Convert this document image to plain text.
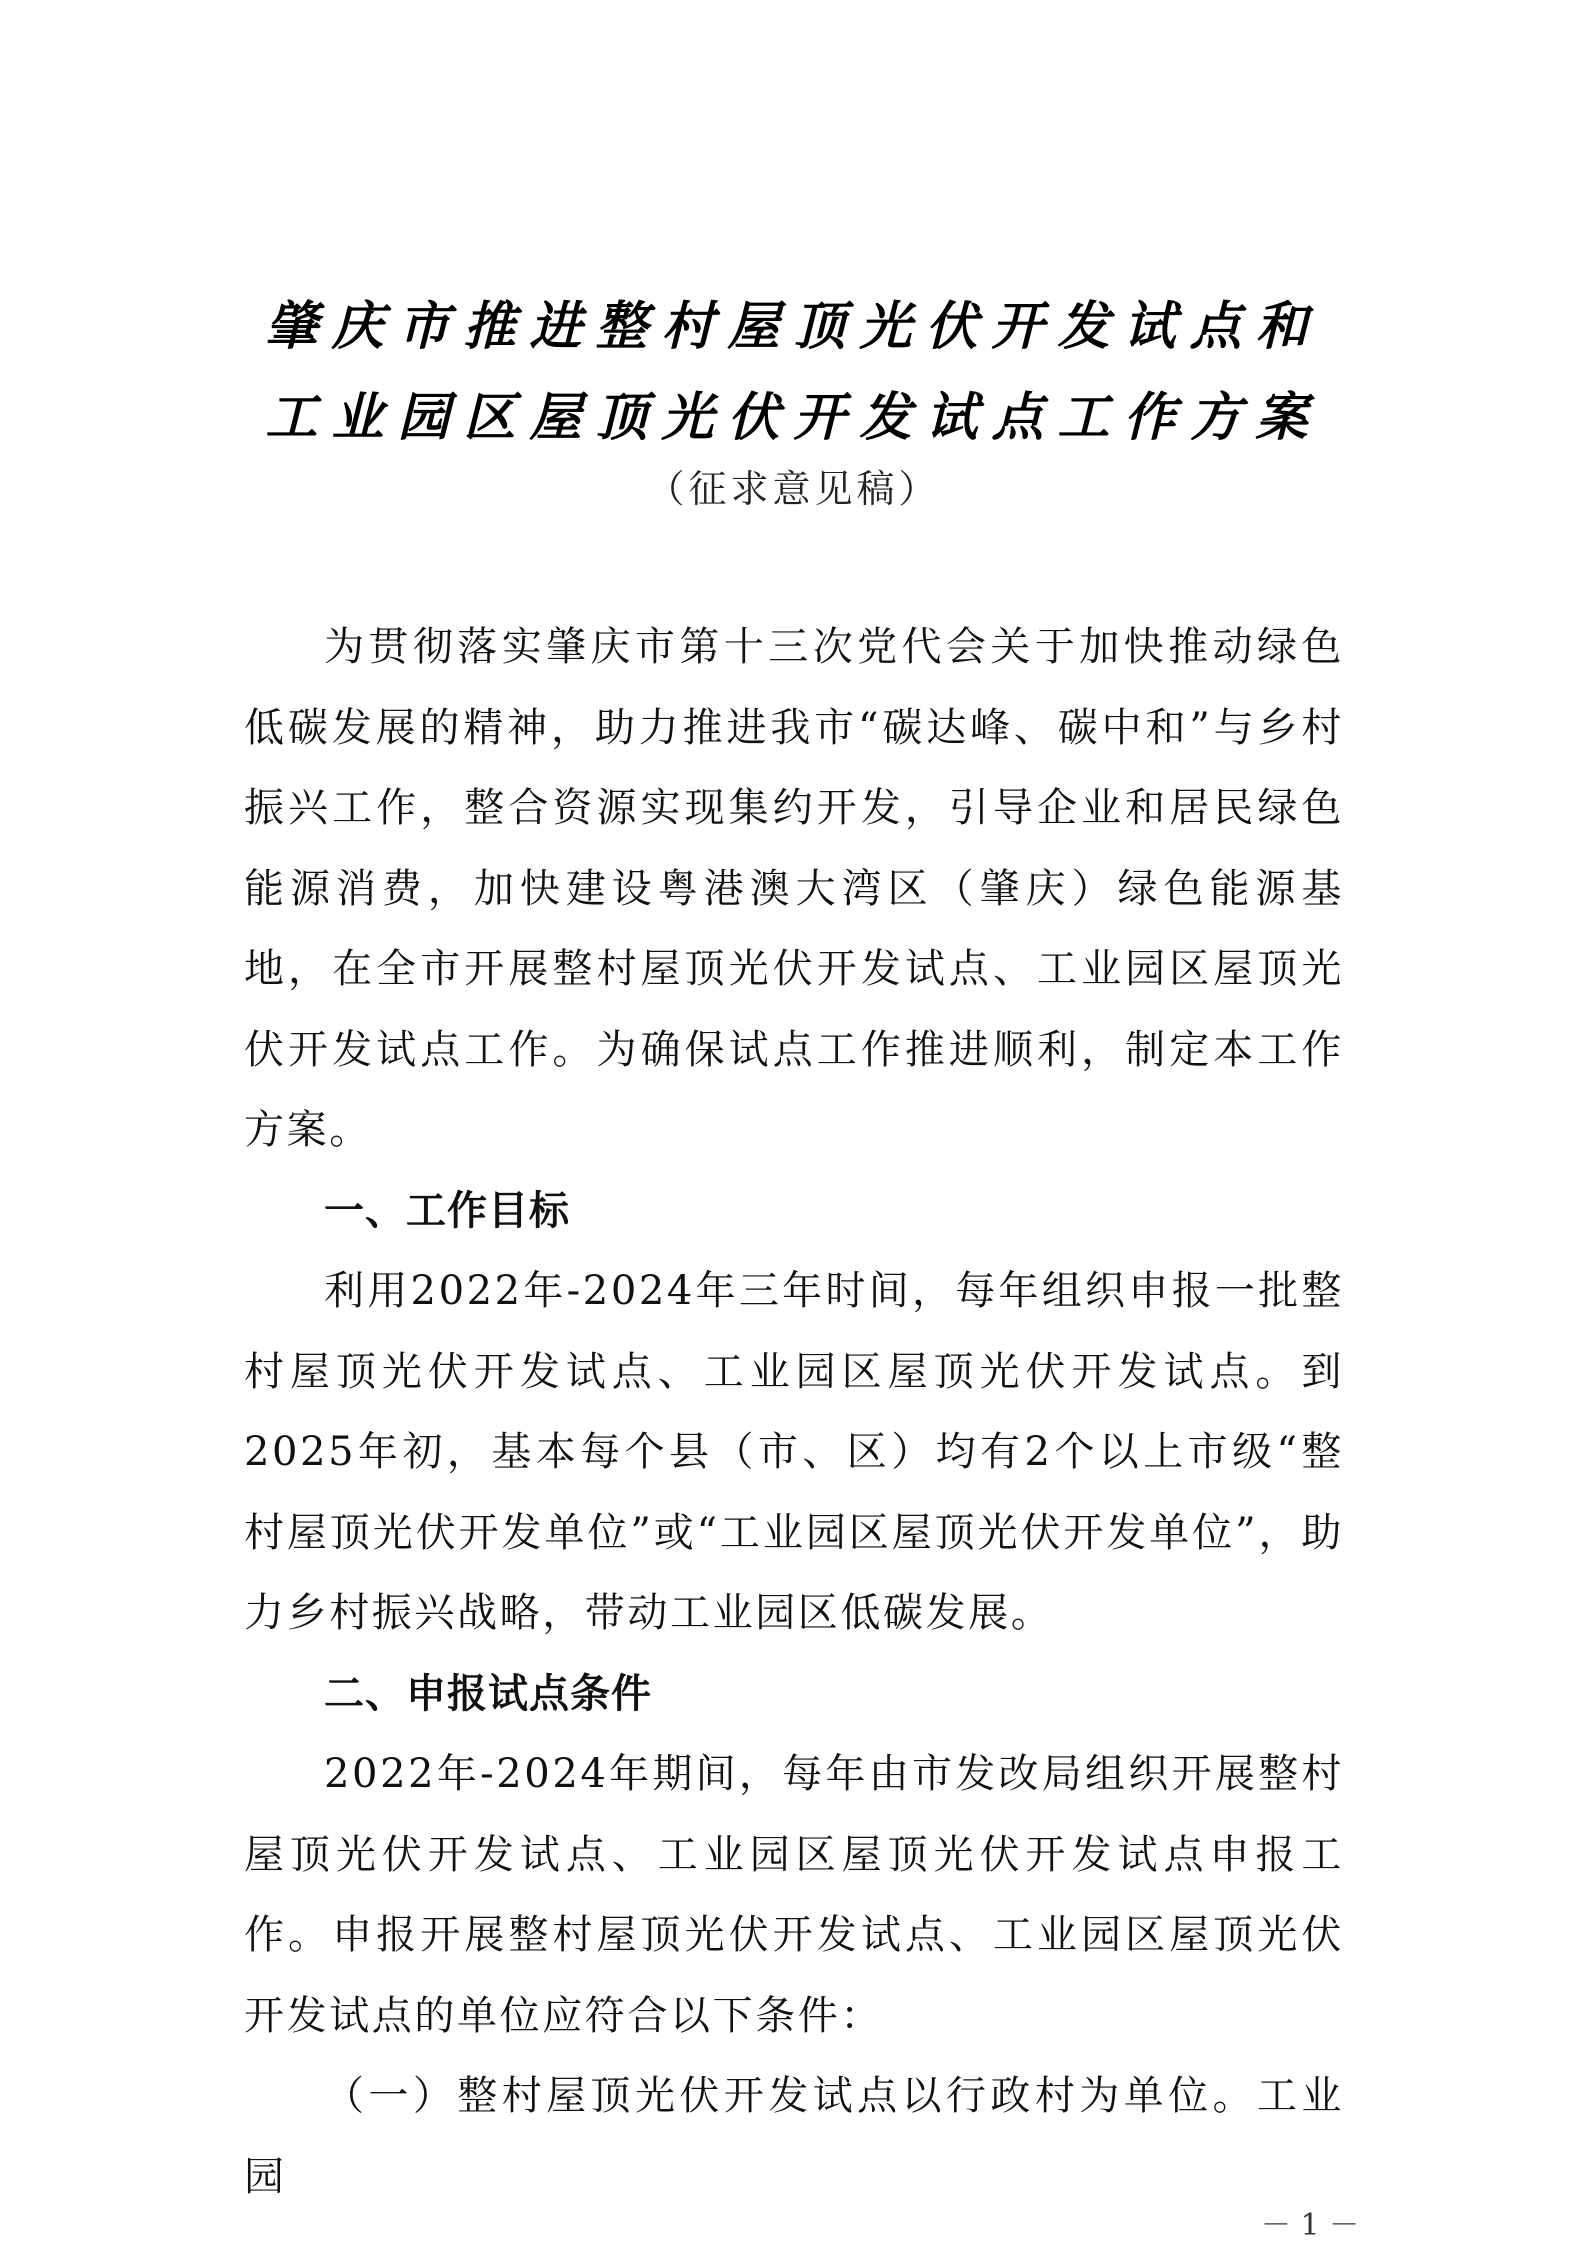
肇庆市推进整村屋顶光伏开发试点和
工业园区屋顶光伏开发试点工作方案
（征求意见稿）

为贯彻落实肇庆市第十三次党代会关于加快推动绿色低碳发展的精神，助力推进我市“碳达峰、碳中和”与乡村振兴工作，整合资源实现集约开发，引导企业和居民绿色能源消费，加快建设粤港澳大湾区（肇庆）绿色能源基地，在全市开展整村屋顶光伏开发试点、工业园区屋顶光伏开发试点工作。为确保试点工作推进顺利，制定本工作方案。

一、工作目标

利用2022年-2024年三年时间，每年组织申报一批整村屋顶光伏开发试点、工业园区屋顶光伏开发试点。到2025年初，基本每个县（市、区）均有2个以上市级“整村屋顶光伏开发单位”或“工业园区屋顶光伏开发单位”，助力乡村振兴战略，带动工业园区低碳发展。

二、申报试点条件

2022年-2024年期间，每年由市发改局组织开展整村屋顶光伏开发试点、工业园区屋顶光伏开发试点申报工作。申报开展整村屋顶光伏开发试点、工业园区屋顶光伏开发试点的单位应符合以下条件：

（一）整村屋顶光伏开发试点以行政村为单位。工业园

－ 1 －
